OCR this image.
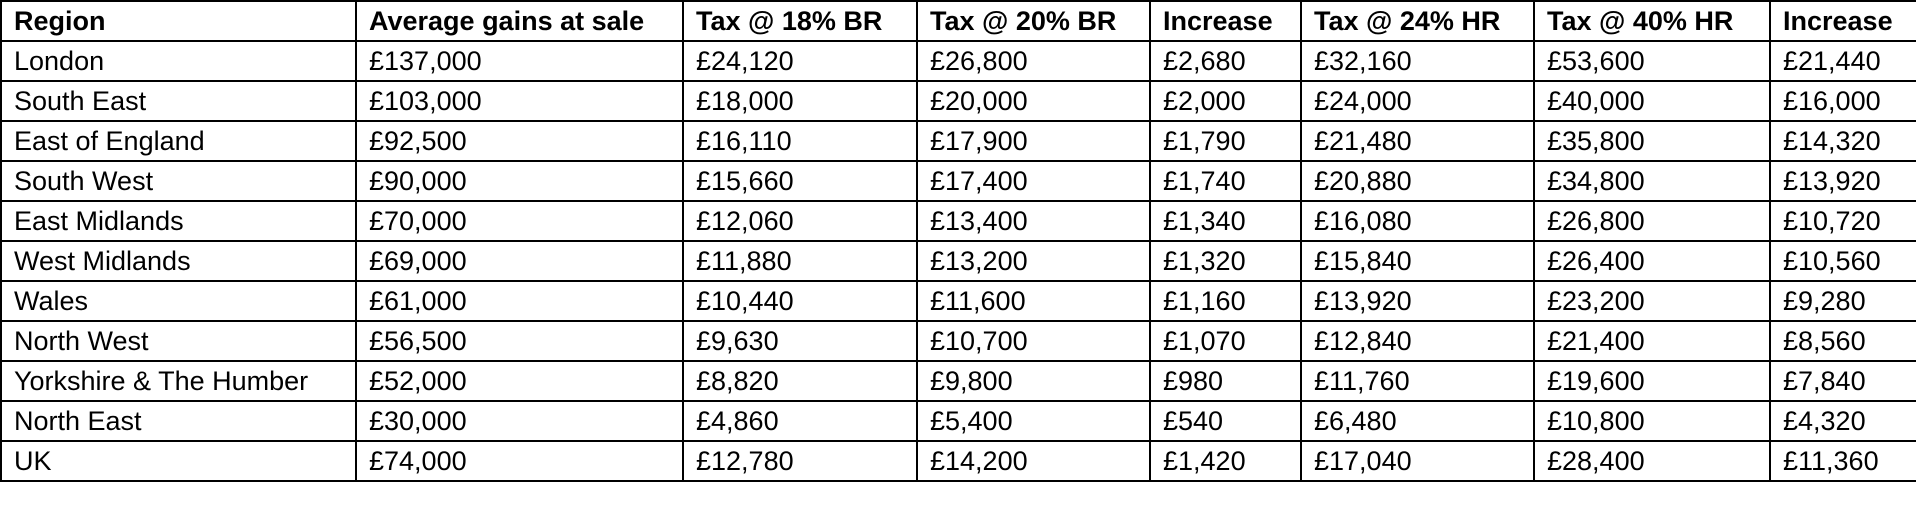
Region	Average gains at sale	Tax @ 18% BR	Tax @ 20% BR	Increase	Tax @ 24% HR	Tax @ 40% HR	Increase
London	£137,000	£24,120	£26,800	£2,680	£32,160	£53,600	£21,440
South East	£103,000	£18,000	£20,000	£2,000	£24,000	£40,000	£16,000
East of England	£92,500	£16,110	£17,900	£1,790	£21,480	£35,800	£14,320
South West	£90,000	£15,660	£17,400	£1,740	£20,880	£34,800	£13,920
East Midlands	£70,000	£12,060	£13,400	£1,340	£16,080	£26,800	£10,720
West Midlands	£69,000	£11,880	£13,200	£1,320	£15,840	£26,400	£10,560
Wales	£61,000	£10,440	£11,600	£1,160	£13,920	£23,200	£9,280
North West	£56,500	£9,630	£10,700	£1,070	£12,840	£21,400	£8,560
Yorkshire & The Humber	£52,000	£8,820	£9,800	£980	£11,760	£19,600	£7,840
North East	£30,000	£4,860	£5,400	£540	£6,480	£10,800	£4,320
UK	£74,000	£12,780	£14,200	£1,420	£17,040	£28,400	£11,360
